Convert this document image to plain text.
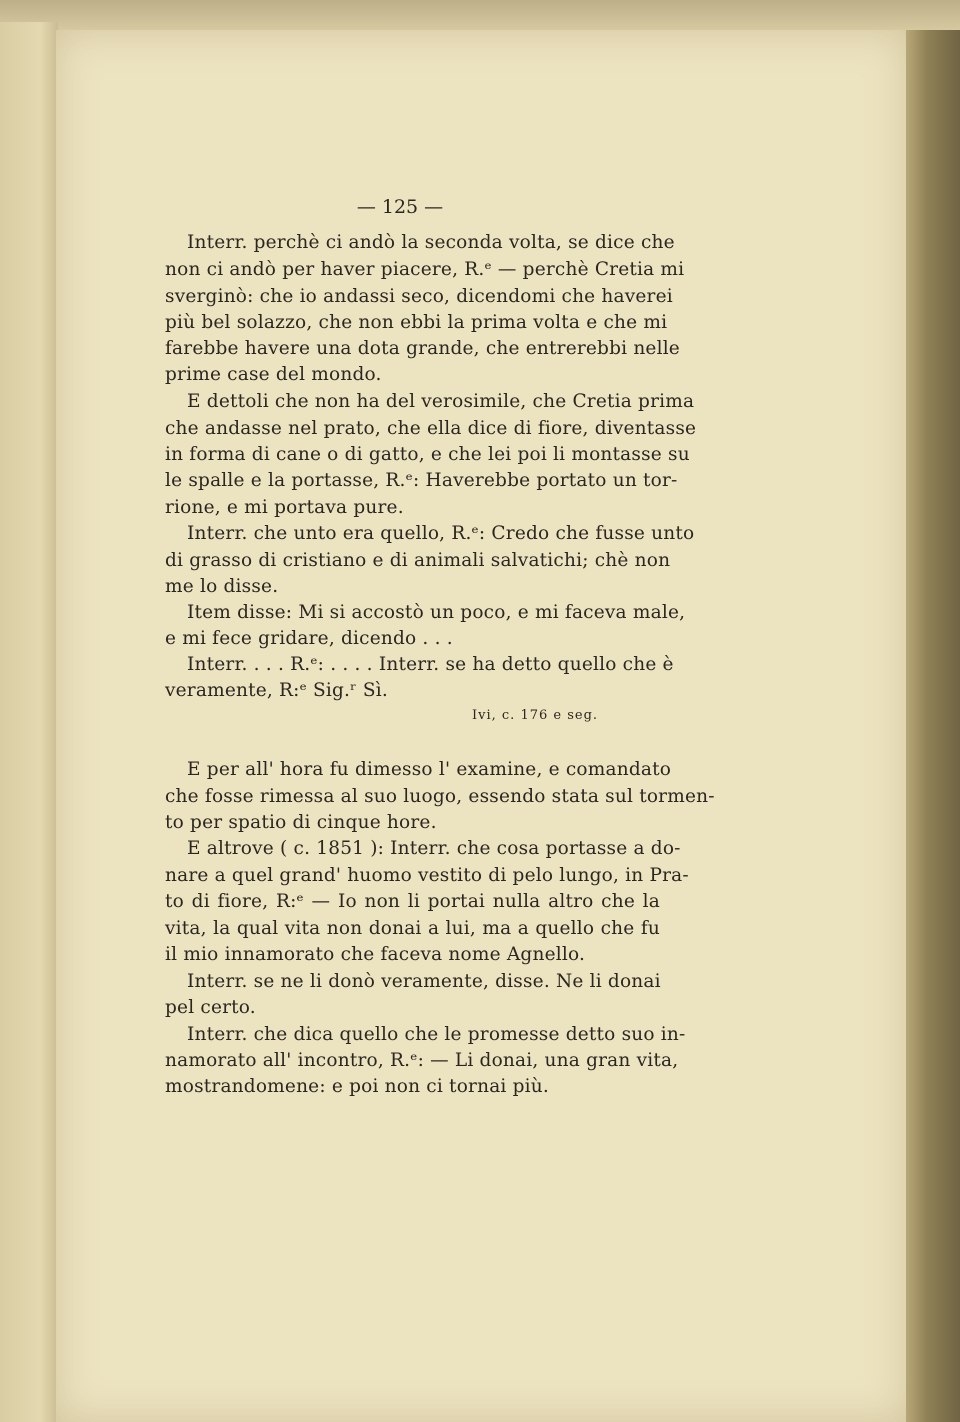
— 125 —
Interr. perchè ci andò la seconda volta, se dice che
non ci andò per haver piacere, R.ᵉ — perchè Cretia mi
sverginò: che io andassi seco, dicendomi che haverei
più bel solazzo, che non ebbi la prima volta e che mi
farebbe havere una dota grande, che entrerebbi nelle
prime case del mondo.
E dettoli che non ha del verosimile, che Cretia prima
che andasse nel prato, che ella dice di fiore, diventasse
in forma di cane o di gatto, e che lei poi li montasse su
le spalle e la portasse, R.ᵉ: Haverebbe portato un tor-
rione, e mi portava pure.
Interr. che unto era quello, R.ᵉ: Credo che fusse unto
di grasso di cristiano e di animali salvatichi; chè non
me lo disse.
Item disse: Mi si accostò un poco, e mi faceva male,
e mi fece gridare, dicendo . . .
Interr. . . . R.ᵉ: . . . . Interr. se ha detto quello che è
veramente, R:ᵉ Sig.ʳ Sì.
E per all' hora fu dimesso l' examine, e comandato
che fosse rimessa al suo luogo, essendo stata sul tormen-
to per spatio di cinque hore.
E altrove ( c. 1851 ): Interr. che cosa portasse a do-
nare a quel grand' huomo vestito di pelo lungo, in Pra-
to di fiore, R:ᵉ — Io non li portai nulla altro che la
vita, la qual vita non donai a lui, ma a quello che fu
il mio innamorato che faceva nome Agnello.
Interr. se ne li donò veramente, disse. Ne li donai
pel certo.
Interr. che dica quello che le promesse detto suo in-
namorato all' incontro, R.ᵉ: — Li donai, una gran vita,
mostrandomene: e poi non ci tornai più.
Ivi, c. 176 e seg.
